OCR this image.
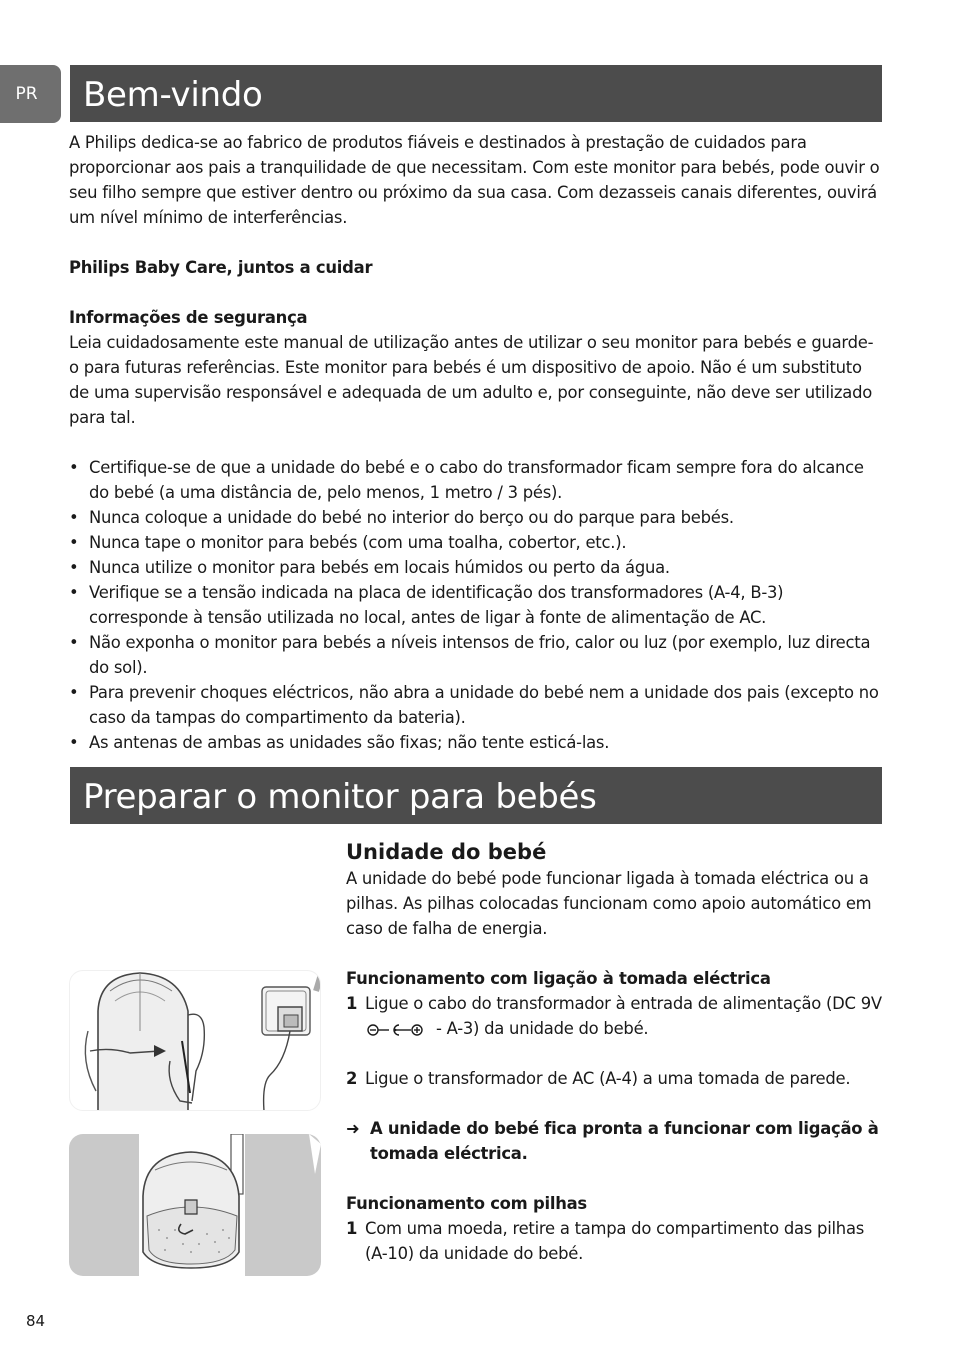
PR	Bem-vindo

A Philips dedica-se ao fabrico de produtos fiáveis e destinados à prestação de cuidados para proporcionar aos pais a tranquilidade de que necessitam. Com este monitor para bebés, pode ouvir o seu filho sempre que estiver dentro ou próximo da sua casa. Com dezasseis canais diferentes, ouvirá um nível mínimo de interferências.

Philips Baby Care, juntos a cuidar

Informações de segurança

Leia cuidadosamente este manual de utilização antes de utilizar o seu monitor para bebés e guarde-o para futuras referências. Este monitor para bebés é um dispositivo de apoio. Não é um substituto de uma supervisão responsável e adequada de um adulto e, por conseguinte, não deve ser utilizado para tal.

• Certifique-se de que a unidade do bebé e o cabo do transformador ficam sempre fora do alcance do bebé (a uma distância de, pelo menos, 1 metro / 3 pés).
• Nunca coloque a unidade do bebé no interior do berço ou do parque para bebés.
• Nunca tape o monitor para bebés (com uma toalha, cobertor, etc.).
• Nunca utilize o monitor para bebés em locais húmidos ou perto da água.
• Verifique se a tensão indicada na placa de identificação dos transformadores (A-4, B-3) corresponde à tensão utilizada no local, antes de ligar à fonte de alimentação de AC.
• Não exponha o monitor para bebés a níveis intensos de frio, calor ou luz (por exemplo, luz directa do sol).
• Para prevenir choques eléctricos, não abra a unidade do bebé nem a unidade dos pais (excepto no caso da tampas do compartimento da bateria).
• As antenas de ambas as unidades são fixas; não tente esticá-las.
Preparar o monitor para bebés

Unidade do bebé

A unidade do bebé pode funcionar ligada à tomada eléctrica ou a pilhas. As pilhas colocadas funcionam como apoio automático em caso de falha de energia.

Funcionamento com ligação à tomada eléctrica

1 Ligue o cabo do transformador à entrada de alimentação (DC 9V  - A-3) da unidade do bebé.
2 Ligue o transformador de AC (A-4) a uma tomada de parede.
➜ A unidade do bebé fica pronta a funcionar com ligação à tomada eléctrica.

Funcionamento com pilhas

1 Com uma moeda, retire a tampa do compartimento das pilhas (A-10) da unidade do bebé.
84
